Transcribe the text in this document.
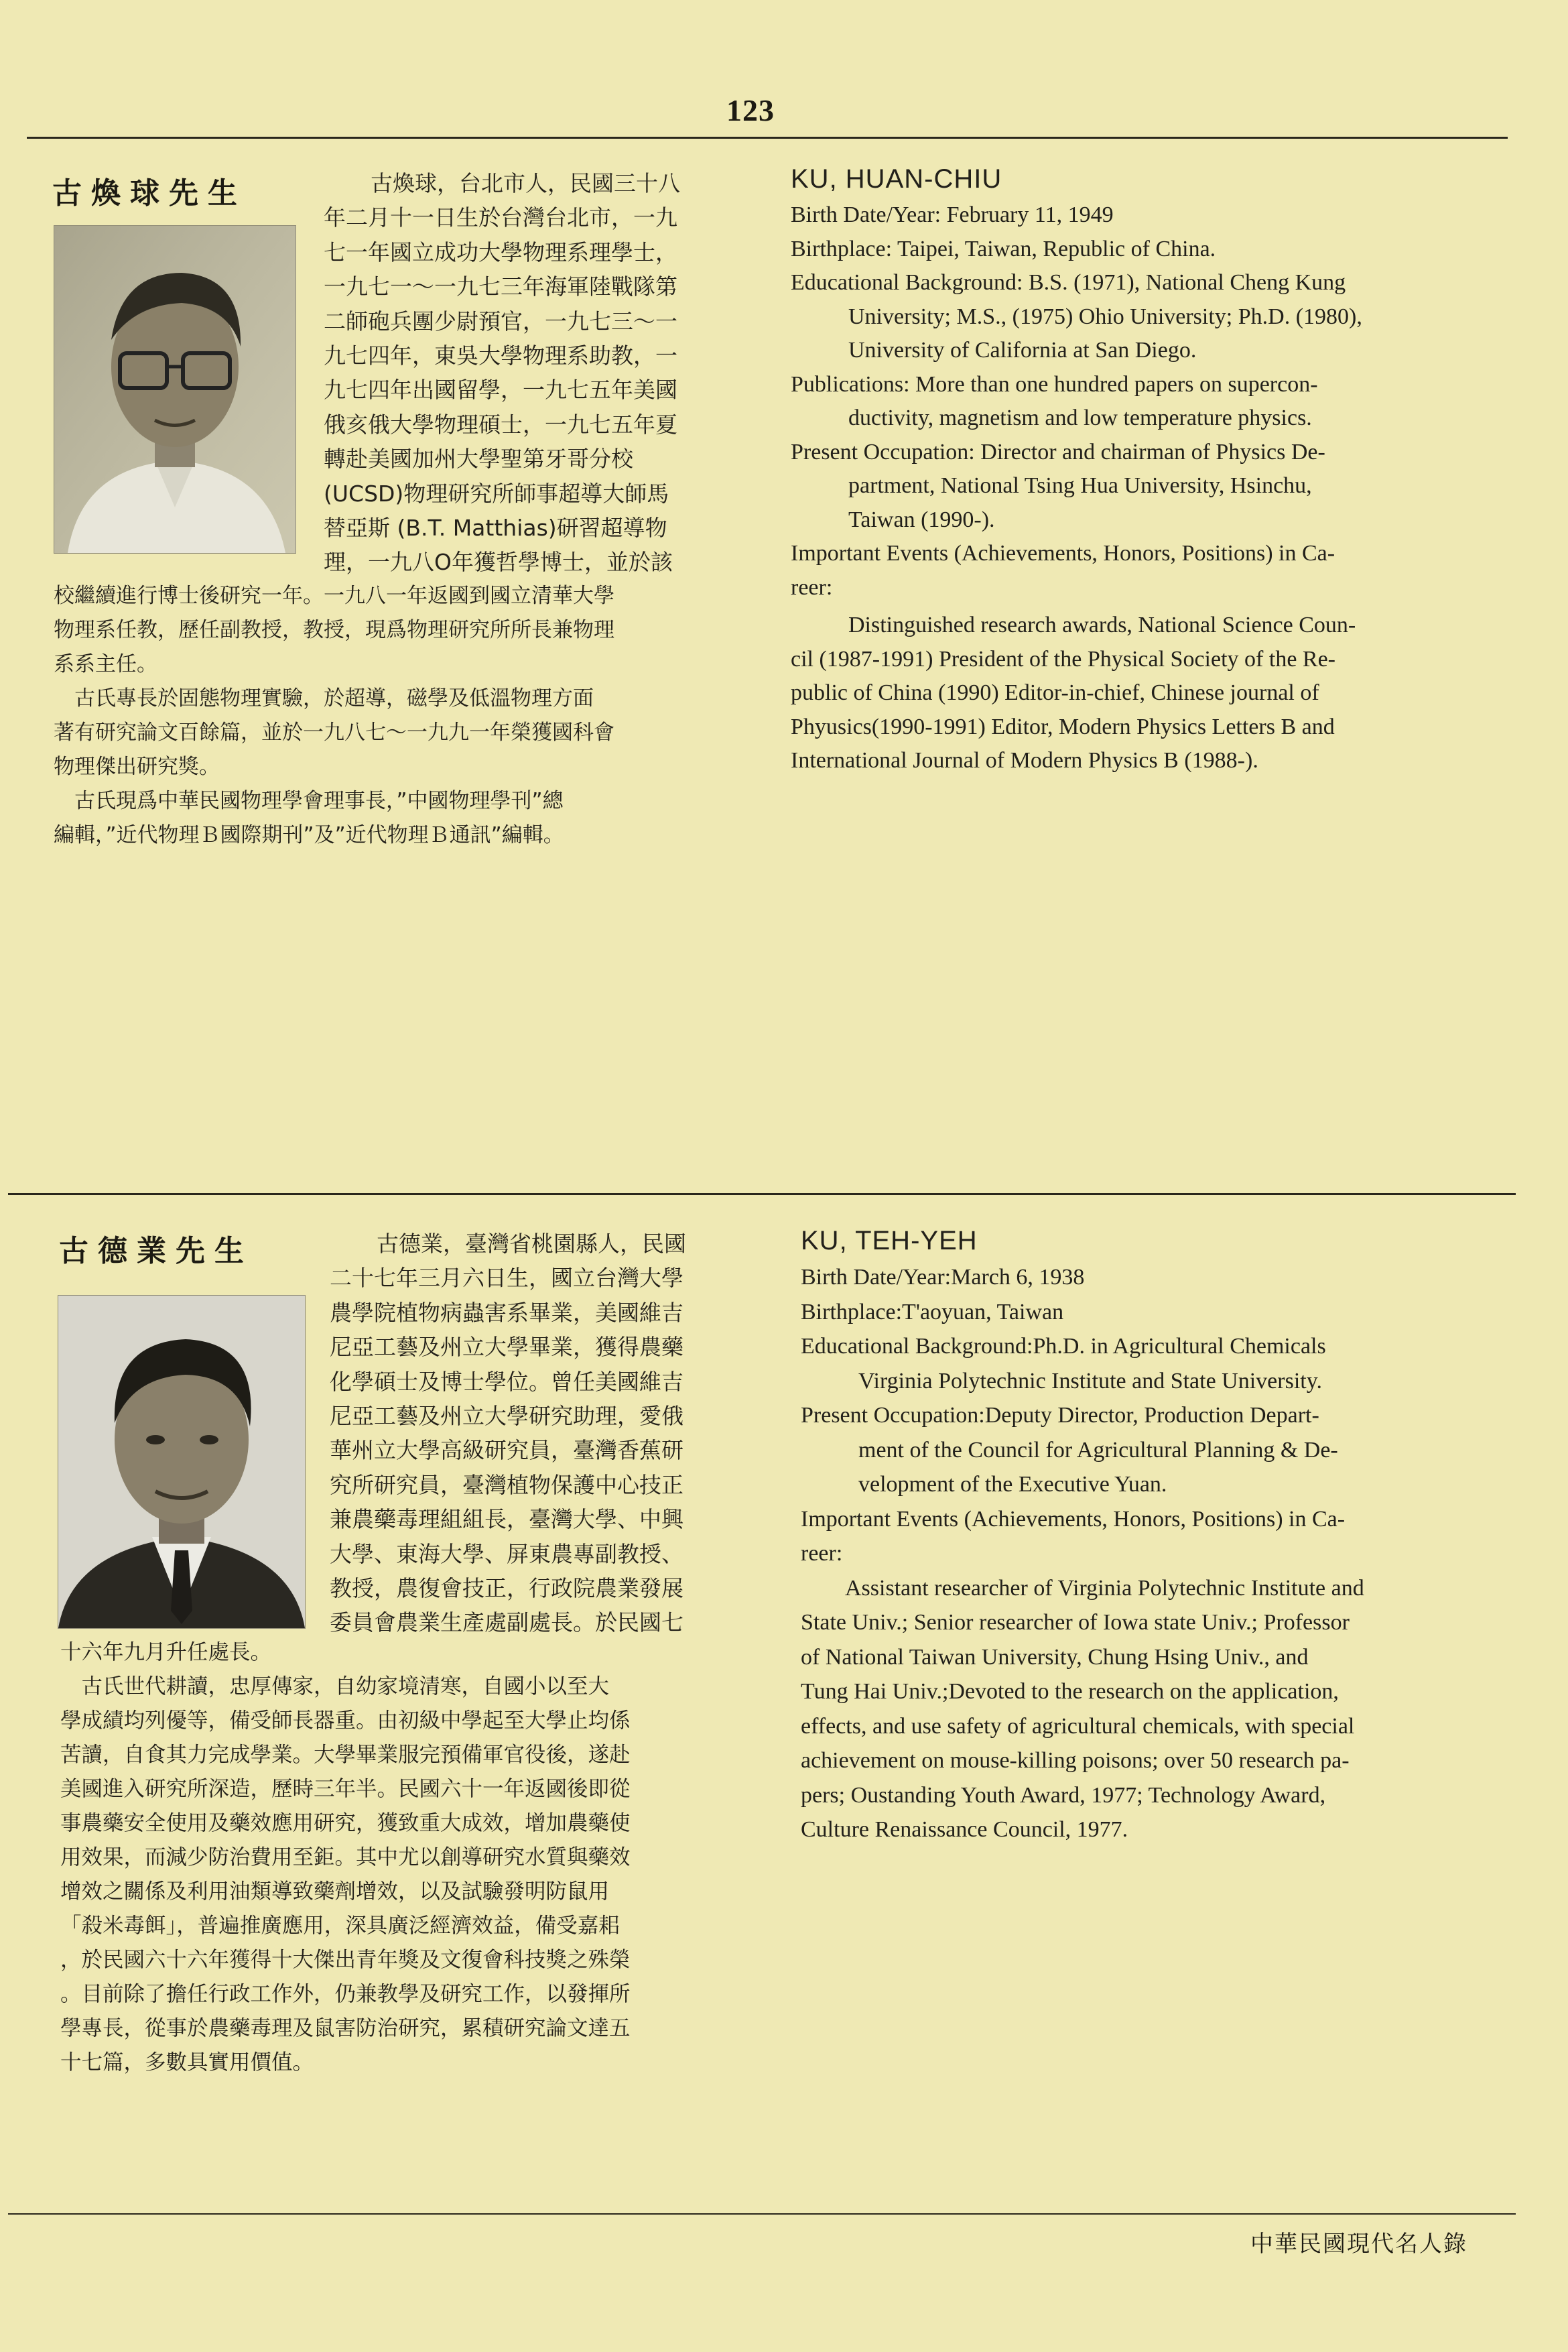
123
古煥球先生	古煥球，台北市人，民國三十八
年二月十一日生於台灣台北市，一九
七一年國立成功大學物理系理學士，
一九七一～一九七三年海軍陸戰隊第
二師砲兵團少尉預官，一九七三～一
九七四年，東吳大學物理系助教，一
九七四年出國留學，一九七五年美國
俄亥俄大學物理碩士，一九七五年夏
轉赴美國加州大學聖第牙哥分校
(UCSD)物理研究所師事超導大師馬
替亞斯 (B.T. Matthias)研習超導物
理，一九八O年獲哲學博士，並於該
校繼續進行博士後研究一年。一九八一年返國到國立清華大學
物理系任教，歷任副教授，教授，現爲物理研究所所長兼物理
系系主任。
　古氏專長於固態物理實驗，於超導，磁學及低溫物理方面
著有研究論文百餘篇，並於一九八七～一九九一年榮獲國科會
物理傑出研究獎。
　古氏現爲中華民國物理學會理事長，”中國物理學刊”總
編輯，”近代物理Ｂ國際期刊”及”近代物理Ｂ通訊”編輯。
KU, HUAN-CHIU
Birth Date/Year: February 11, 1949
Birthplace: Taipei, Taiwan, Republic of China.
Educational Background: B.S. (1971), National Cheng Kung
University; M.S., (1975) Ohio University; Ph.D. (1980),
University of California at San Diego.
Publications: More than one hundred papers on supercon-
ductivity, magnetism and low temperature physics.
Present Occupation: Director and chairman of Physics De-
partment, National Tsing Hua University, Hsinchu,
Taiwan (1990-).
Important Events (Achievements, Honors, Positions) in Ca-
reer:
Distinguished research awards, National Science Coun-
cil (1987-1991) President of the Physical Society of the Re-
public of China (1990) Editor-in-chief, Chinese journal of
Phyusics(1990-1991) Editor, Modern Physics Letters B and
International Journal of Modern Physics B (1988-).
古德業先生	古德業，臺灣省桃園縣人，民國
二十七年三月六日生，國立台灣大學
農學院植物病蟲害系畢業，美國維吉
尼亞工藝及州立大學畢業，獲得農藥
化學碩士及博士學位。曾任美國維吉
尼亞工藝及州立大學研究助理，愛俄
華州立大學高級研究員，臺灣香蕉研
究所研究員，臺灣植物保護中心技正
兼農藥毒理組組長，臺灣大學、中興
大學、東海大學、屏東農專副教授、
教授，農復會技正，行政院農業發展
委員會農業生產處副處長。於民國七
十六年九月升任處長。
　古氏世代耕讀，忠厚傳家，自幼家境清寒，自國小以至大
學成績均列優等，備受師長器重。由初級中學起至大學止均係
苦讀，自食其力完成學業。大學畢業服完預備軍官役後，遂赴
美國進入研究所深造，歷時三年半。民國六十一年返國後即從
事農藥安全使用及藥效應用研究，獲致重大成效，增加農藥使
用效果，而減少防治費用至鉅。其中尤以創導研究水質與藥效
增效之關係及利用油類導致藥劑增效，以及試驗發明防鼠用
「殺米毒餌」，普遍推廣應用，深具廣泛經濟效益，備受嘉耜
，於民國六十六年獲得十大傑出青年獎及文復會科技獎之殊榮
。目前除了擔任行政工作外，仍兼教學及研究工作，以發揮所
學專長，從事於農藥毒理及鼠害防治研究，累積研究論文達五
十七篇，多數具實用價值。
KU, TEH-YEH
Birth Date/Year:March 6, 1938
Birthplace:T'aoyuan, Taiwan
Educational Background:Ph.D. in Agricultural Chemicals
Virginia Polytechnic Institute and State University.
Present Occupation:Deputy Director, Production Depart-
ment of the Council for Agricultural Planning & De-
velopment of the Executive Yuan.
Important Events (Achievements, Honors, Positions) in Ca-
reer:
Assistant researcher of Virginia Polytechnic Institute and
State Univ.; Senior researcher of Iowa state Univ.; Professor
of National Taiwan University, Chung Hsing Univ., and
Tung Hai Univ.;Devoted to the research on the application,
effects, and use safety of agricultural chemicals, with special
achievement on mouse-killing poisons; over 50 research pa-
pers; Oustanding Youth Award, 1977; Technology Award,
Culture Renaissance Council, 1977.
中華民國現代名人錄
